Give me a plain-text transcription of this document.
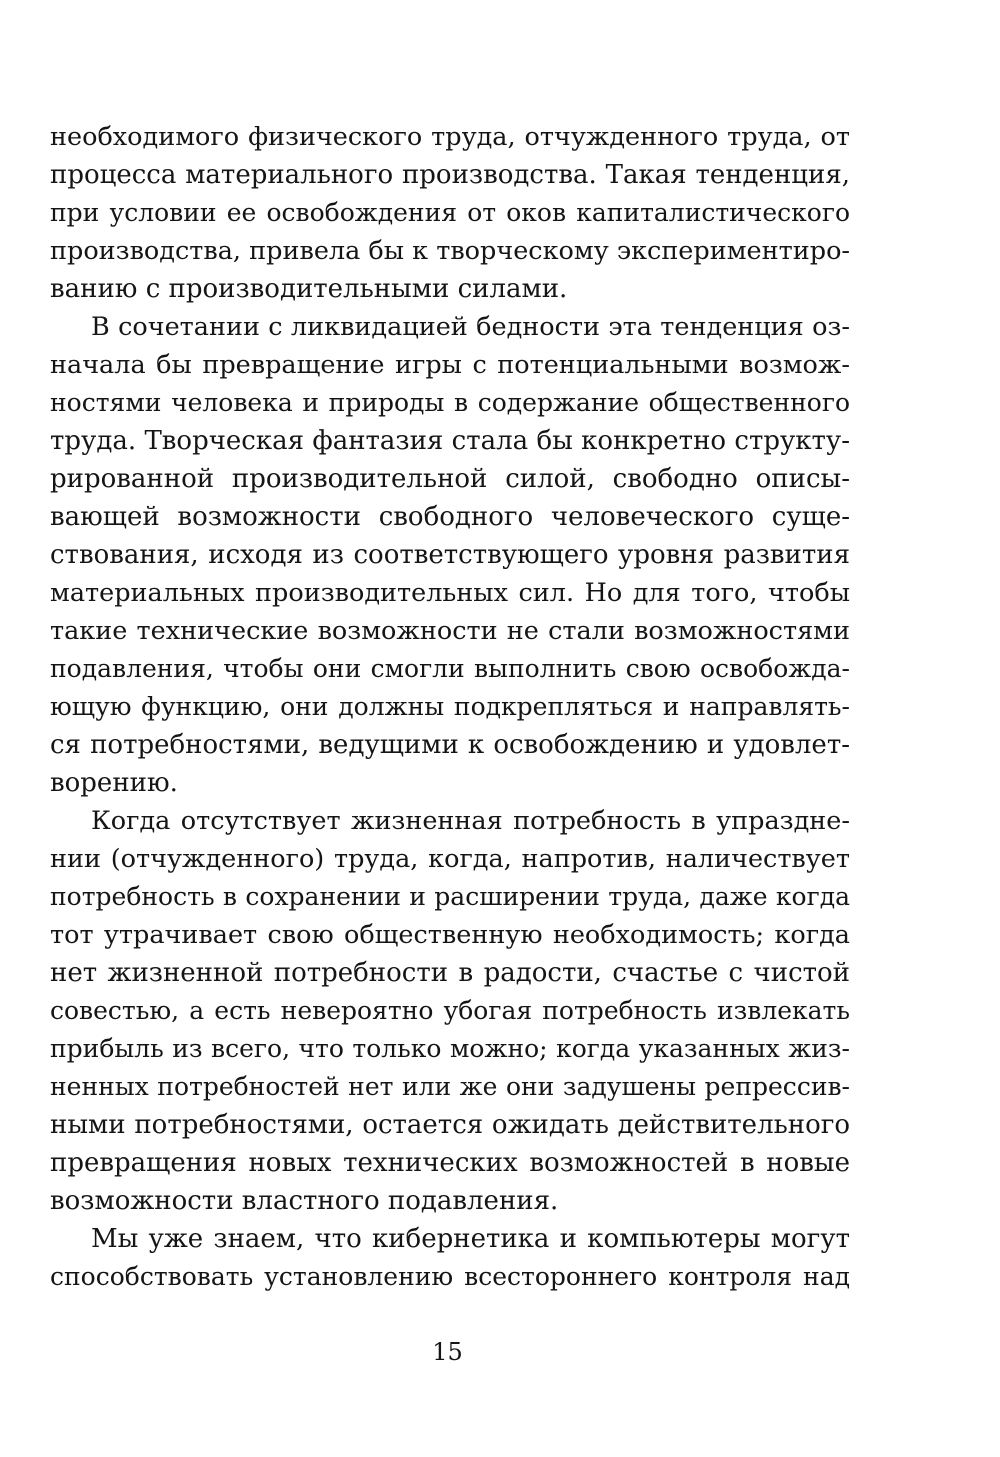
необходимого физического труда, отчужденного труда, от
процесса материального производства. Такая тенденция,
при условии ее освобождения от оков капиталистического
производства, привела бы к творческому экспериментиро-
ванию с производительными силами.
В сочетании с ликвидацией бедности эта тенденция оз-
начала бы превращение игры с потенциальными возмож-
ностями человека и природы в содержание общественного
труда. Творческая фантазия стала бы конкретно структу-
рированной производительной силой, свободно описы-
вающей возможности свободного человеческого суще-
ствования, исходя из соответствующего уровня развития
материальных производительных сил. Но для того, чтобы
такие технические возможности не стали возможностями
подавления, чтобы они смогли выполнить свою освобожда-
ющую функцию, они должны подкрепляться и направлять-
ся потребностями, ведущими к освобождению и удовлет-
ворению.
Когда отсутствует жизненная потребность в упраздне-
нии (отчужденного) труда, когда, напротив, наличествует
потребность в сохранении и расширении труда, даже когда
тот утрачивает свою общественную необходимость; когда
нет жизненной потребности в радости, счастье с чистой
совестью, а есть невероятно убогая потребность извлекать
прибыль из всего, что только можно; когда указанных жиз-
ненных потребностей нет или же они задушены репрессив-
ными потребностями, остается ожидать действительного
превращения новых технических возможностей в новые
возможности властного подавления.
Мы уже знаем, что кибернетика и компьютеры могут
способствовать установлению всестороннего контроля над
15
